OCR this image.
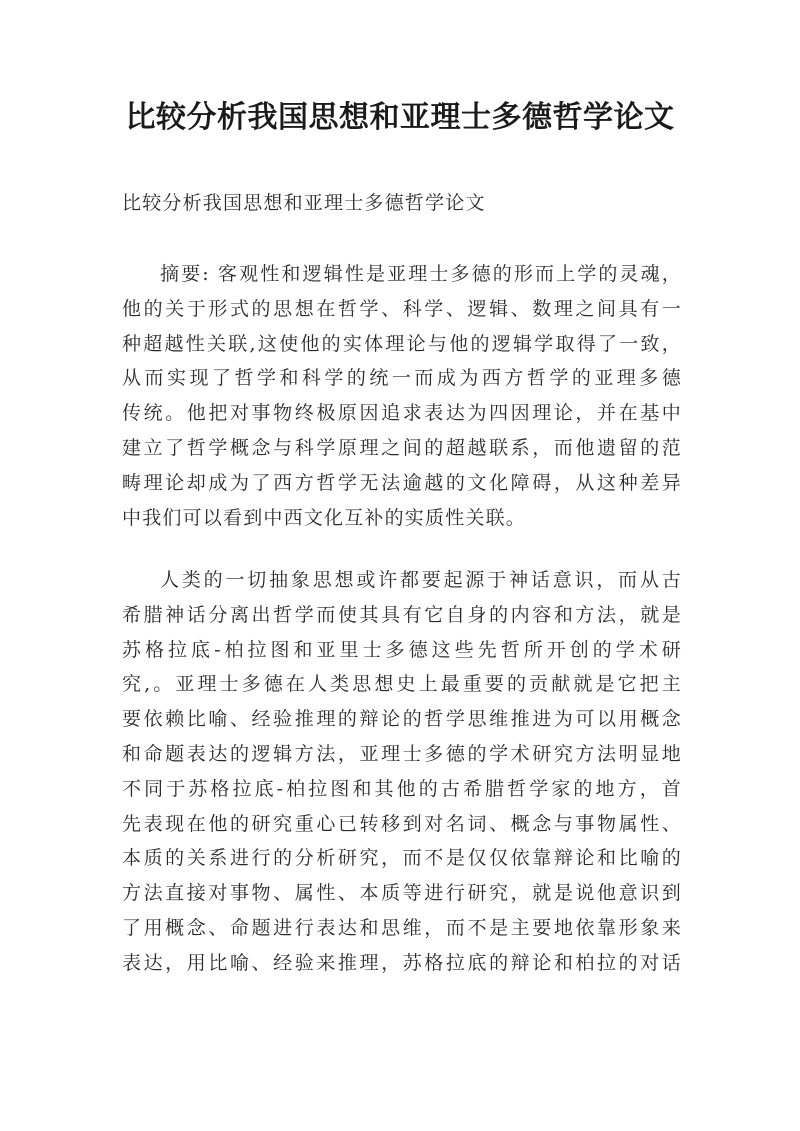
比较分析我国思想和亚理士多德哲学论文

比较分析我国思想和亚理士多德哲学论文

摘要: 客观性和逻辑性是亚理士多德的形而上学的灵魂，
他的关于形式的思想在哲学、科学、逻辑、数理之间具有一
种超越性关联,这使他的实体理论与他的逻辑学取得了一致，
从而实现了哲学和科学的统一而成为西方哲学的亚理多德
传统。他把对事物终极原因追求表达为四因理论，并在基中
建立了哲学概念与科学原理之间的超越联系，而他遗留的范
畴理论却成为了西方哲学无法逾越的文化障碍，从这种差异
中我们可以看到中西文化互补的实质性关联。
人类的一切抽象思想或许都要起源于神话意识，而从古
希腊神话分离出哲学而使其具有它自身的内容和方法，就是
苏格拉底-柏拉图和亚里士多德这些先哲所开创的学术研
究,。亚理士多德在人类思想史上最重要的贡献就是它把主
要依赖比喻、经验推理的辩论的哲学思维推进为可以用概念
和命题表达的逻辑方法，亚理士多德的学术研究方法明显地
不同于苏格拉底-柏拉图和其他的古希腊哲学家的地方，首
先表现在他的研究重心已转移到对名词、概念与事物属性、
本质的关系进行的分析研究，而不是仅仅依靠辩论和比喻的
方法直接对事物、属性、本质等进行研究，就是说他意识到
了用概念、命题进行表达和思维，而不是主要地依靠形象来
表达，用比喻、经验来推理，苏格拉底的辩论和柏拉的对话
